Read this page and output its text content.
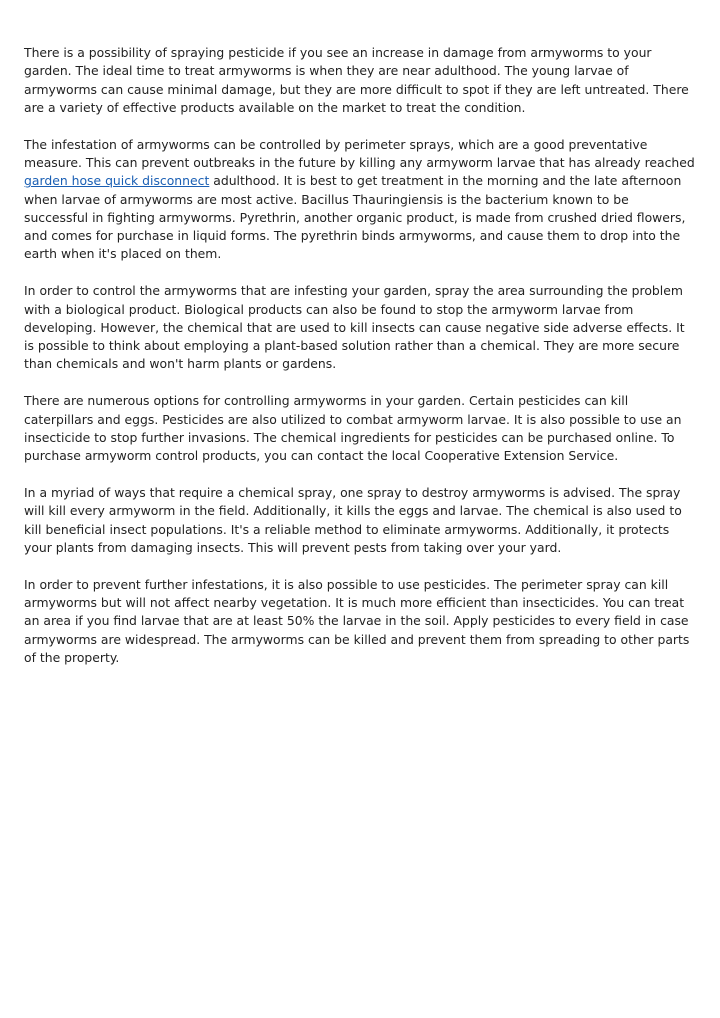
There is a possibility of spraying pesticide if you see an increase in damage from armyworms to your garden. The ideal time to treat armyworms is when they are near adulthood. The young larvae of armyworms can cause minimal damage, but they are more difficult to spot if they are left untreated. There are a variety of effective products available on the market to treat the condition.

The infestation of armyworms can be controlled by perimeter sprays, which are a good preventative measure. This can prevent outbreaks in the future by killing any armyworm larvae that has already reached garden hose quick disconnect adulthood. It is best to get treatment in the morning and the late afternoon when larvae of armyworms are most active. Bacillus Thauringiensis is the bacterium known to be successful in fighting armyworms. Pyrethrin, another organic product, is made from crushed dried flowers, and comes for purchase in liquid forms. The pyrethrin binds armyworms, and cause them to drop into the earth when it's placed on them.

In order to control the armyworms that are infesting your garden, spray the area surrounding the problem with a biological product. Biological products can also be found to stop the armyworm larvae from developing. However, the chemical that are used to kill insects can cause negative side adverse effects. It is possible to think about employing a plant-based solution rather than a chemical. They are more secure than chemicals and won't harm plants or gardens.

There are numerous options for controlling armyworms in your garden. Certain pesticides can kill caterpillars and eggs. Pesticides are also utilized to combat armyworm larvae. It is also possible to use an insecticide to stop further invasions. The chemical ingredients for pesticides can be purchased online. To purchase armyworm control products, you can contact the local Cooperative Extension Service.

In a myriad of ways that require a chemical spray, one spray to destroy armyworms is advised. The spray will kill every armyworm in the field. Additionally, it kills the eggs and larvae. The chemical is also used to kill beneficial insect populations. It's a reliable method to eliminate armyworms. Additionally, it protects your plants from damaging insects. This will prevent pests from taking over your yard.

In order to prevent further infestations, it is also possible to use pesticides. The perimeter spray can kill armyworms but will not affect nearby vegetation. It is much more efficient than insecticides. You can treat an area if you find larvae that are at least 50% the larvae in the soil. Apply pesticides to every field in case armyworms are widespread. The armyworms can be killed and prevent them from spreading to other parts of the property.
